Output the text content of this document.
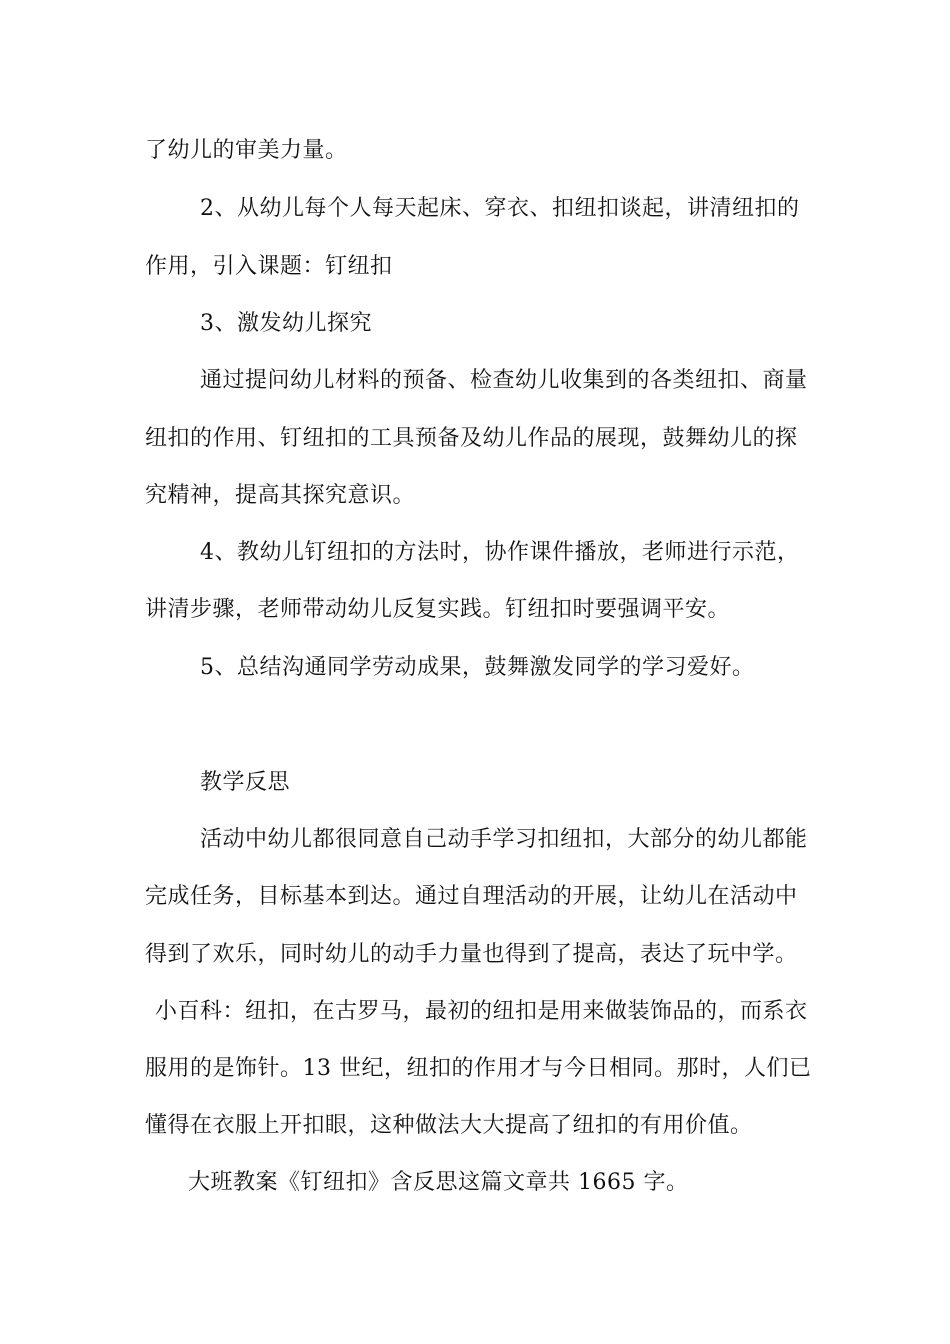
了幼儿的审美力量。
2、从幼儿每个人每天起床、穿衣、扣纽扣谈起，讲清纽扣的
作用，引入课题：钉纽扣
3、激发幼儿探究
通过提问幼儿材料的预备、检查幼儿收集到的各类纽扣、商量
纽扣的作用、钉纽扣的工具预备及幼儿作品的展现，鼓舞幼儿的探
究精神，提高其探究意识。
4、教幼儿钉纽扣的方法时，协作课件播放，老师进行示范，
讲清步骤，老师带动幼儿反复实践。钉纽扣时要强调平安。
5、总结沟通同学劳动成果，鼓舞激发同学的学习爱好。
教学反思
活动中幼儿都很同意自己动手学习扣纽扣，大部分的幼儿都能
完成任务，目标基本到达。通过自理活动的开展，让幼儿在活动中
得到了欢乐，同时幼儿的动手力量也得到了提高，表达了玩中学。
小百科：纽扣，在古罗马，最初的纽扣是用来做装饰品的，而系衣
服用的是饰针。13 世纪，纽扣的作用才与今日相同。那时，人们已
懂得在衣服上开扣眼，这种做法大大提高了纽扣的有用价值。
大班教案《钉纽扣》含反思这篇文章共 1665 字。
